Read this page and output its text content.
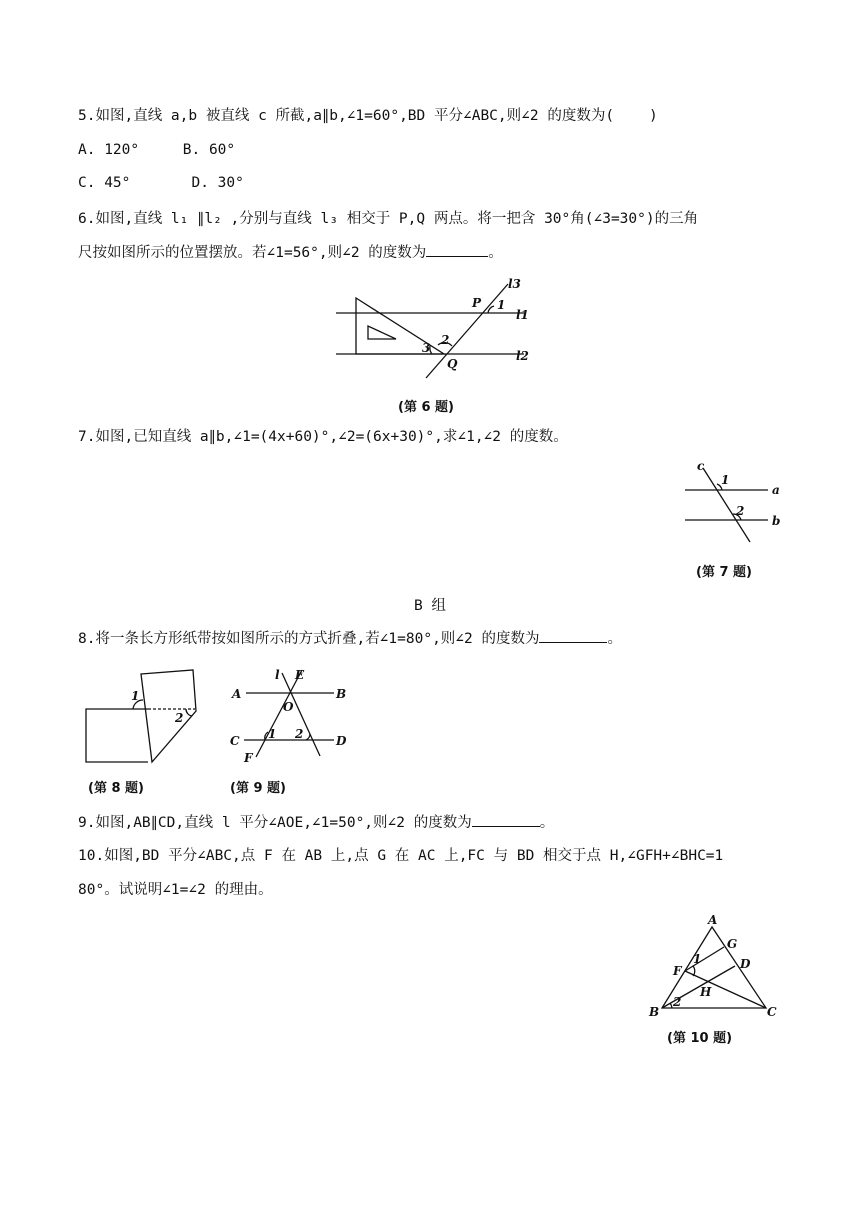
5.如图,直线 a,b 被直线 c 所截,a∥b,∠1=60°,BD 平分∠ABC,则∠2 的度数为(    )
A. 120°     B. 60°
C. 45°       D. 30°
6.如图,直线 l₁ ∥l₂ ,分别与直线 l₃ 相交于 P,Q 两点。将一把含 30°角(∠3=30°)的三角
尺按如图所示的位置摆放。若∠1=56°,则∠2 的度数为	。
l3
l1
l2
P 1
2
3
Q
(第 6 题)
7.如图,已知直线 a∥b,∠1=(4x+60)°,∠2=(6x+30)°,求∠1,∠2 的度数。
c
1
a
2
b
(第 7 题)
B 组
8.将一条长方形纸带按如图所示的方式折叠,若∠1=80°,则∠2 的度数为	。
1
2
(第 8 题)
l E
A	B
O
C 1 2	D
F
(第 9 题)
9.如图,AB∥CD,直线 l 平分∠AOE,∠1=50°,则∠2 的度数为	。
10.如图,BD 平分∠ABC,点 F 在 AB 上,点 G 在 AC 上,FC 与 BD 相交于点 H,∠GFH+∠BHC=1
80°。试说明∠1=∠2 的理由。
A
G
1
F	D
H
2
B	C
(第 10 题)
